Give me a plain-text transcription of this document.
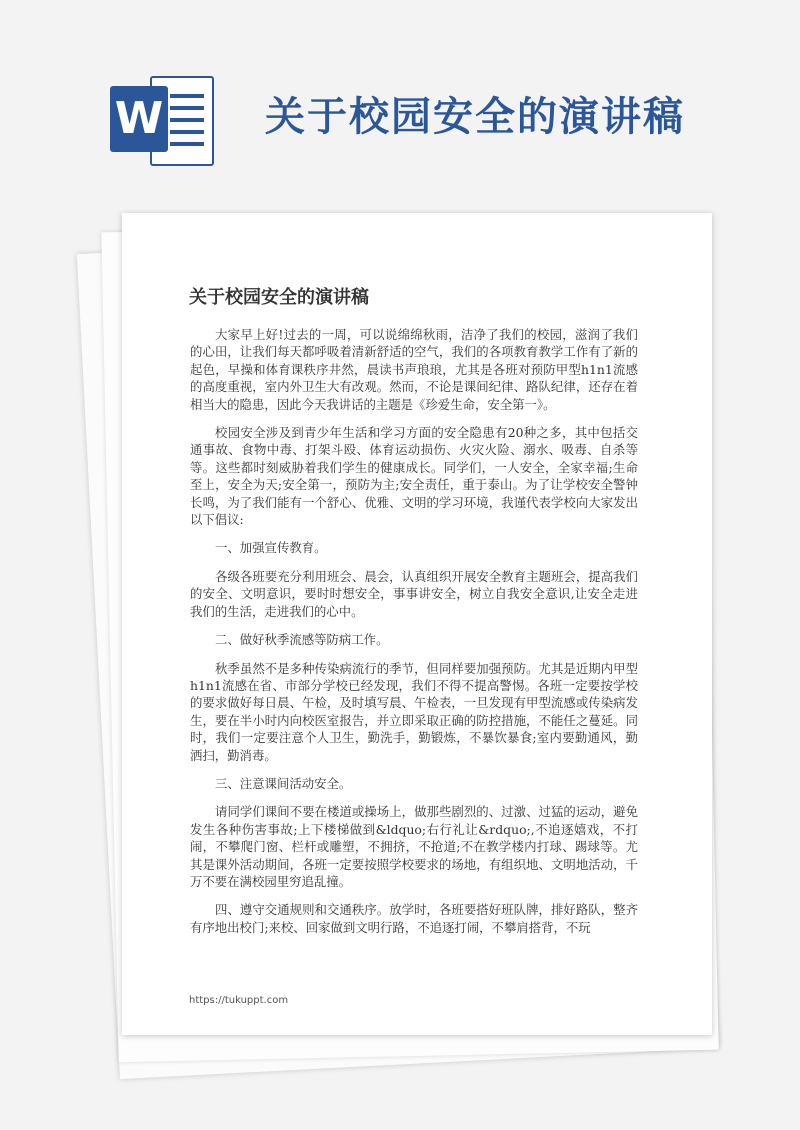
W	关于校园安全的演讲稿
关于校园安全的演讲稿

大家早上好!过去的一周，可以说绵绵秋雨，洁净了我们的校园，滋润了我们的心田，让我们每天都呼吸着清新舒适的空气，我们的各项教育教学工作有了新的起色，早操和体育课秩序井然，晨读书声琅琅，尤其是各班对预防甲型h1n1流感的高度重视，室内外卫生大有改观。然而，不论是课间纪律、路队纪律，还存在着相当大的隐患，因此今天我讲话的主题是《珍爱生命，安全第一》。

校园安全涉及到青少年生活和学习方面的安全隐患有20种之多，其中包括交通事故、食物中毒、打架斗殴、体育运动损伤、火灾火险、溺水、吸毒、自杀等等。这些都时刻威胁着我们学生的健康成长。同学们，一人安全，全家幸福;生命至上，安全为天;安全第一，预防为主;安全责任，重于泰山。为了让学校安全警钟长鸣，为了我们能有一个舒心、优雅、文明的学习环境，我谨代表学校向大家发出以下倡议:

一、加强宣传教育。

各级各班要充分利用班会、晨会，认真组织开展安全教育主题班会，提高我们的安全、文明意识，要时时想安全，事事讲安全，树立自我安全意识,让安全走进我们的生活，走进我们的心中。

二、做好秋季流感等防病工作。

秋季虽然不是多种传染病流行的季节，但同样要加强预防。尤其是近期内甲型h1n1流感在省、市部分学校已经发现，我们不得不提高警惕。各班一定要按学校的要求做好每日晨、午检，及时填写晨、午检表，一旦发现有甲型流感或传染病发生，要在半小时内向校医室报告，并立即采取正确的防控措施，不能任之蔓延。同时，我们一定要注意个人卫生，勤洗手，勤锻炼，不暴饮暴食;室内要勤通风，勤洒扫，勤消毒。

三、注意课间活动安全。

请同学们课间不要在楼道或操场上，做那些剧烈的、过激、过猛的运动，避免发生各种伤害事故;上下楼梯做到&ldquo;右行礼让&rdquo;,不追逐嬉戏，不打闹，不攀爬门窗、栏杆或雕塑，不拥挤，不抢道;不在教学楼内打球、踢球等。尤其是课外活动期间，各班一定要按照学校要求的场地，有组织地、文明地活动，千万不要在满校园里穷追乱撞。

四、遵守交通规则和交通秩序。放学时，各班要搭好班队牌，排好路队，整齐有序地出校门;来校、回家做到文明行路，不追逐打闹，不攀肩搭背，不玩

https://tukuppt.com
